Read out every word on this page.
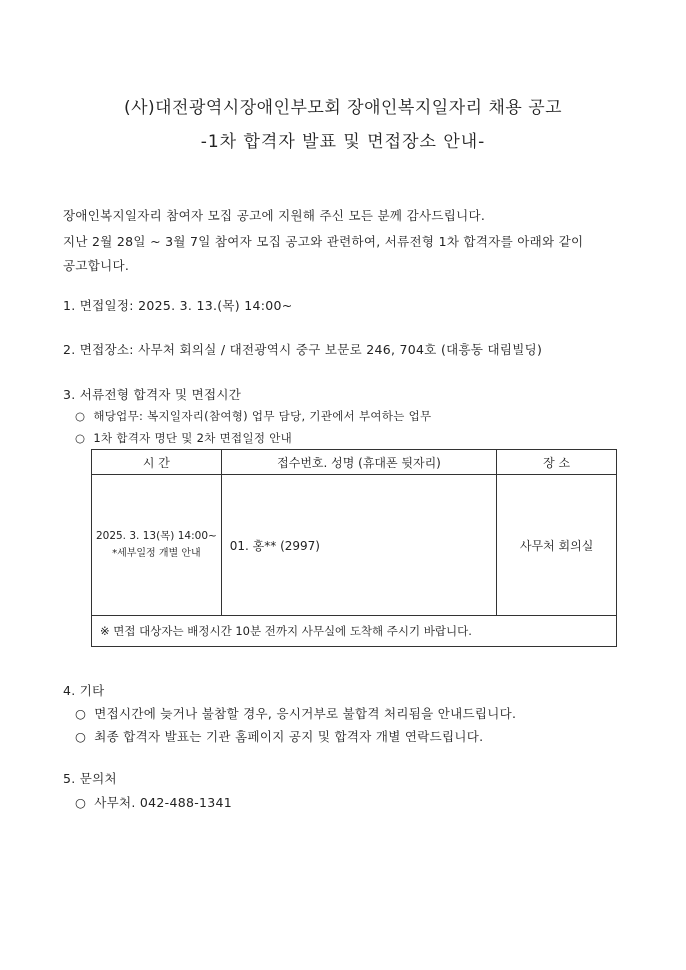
(사)대전광역시장애인부모회 장애인복지일자리 채용 공고
-1차 합격자 발표 및 면접장소 안내-
장애인복지일자리 참여자 모집 공고에 지원해 주신 모든 분께 감사드립니다.
지난 2월 28일 ~ 3월 7일 참여자 모집 공고와 관련하여, 서류전형 1차 합격자를 아래와 같이
공고합니다.
1. 면접일정: 2025. 3. 13.(목) 14:00~
2. 면접장소: 사무처 회의실 / 대전광역시 중구 보문로 246, 704호 (대흥동 대림빌딩)
3. 서류전형 합격자 및 면접시간
○ 해당업무: 복지일자리(참여형) 업무 담당, 기관에서 부여하는 업무
○ 1차 합격자 명단 및 2차 면접일정 안내
시 간	접수번호. 성명 (휴대폰 뒷자리)	장 소

2025. 3. 13(목) 14:00~
*세부일정 개별 안내	01. 홍** (2997)	사무처 회의실
※ 면접 대상자는 배정시간 10분 전까지 사무실에 도착해 주시기 바랍니다.		
4. 기타
○ 면접시간에 늦거나 불참할 경우, 응시거부로 불합격 처리됨을 안내드립니다.
○ 최종 합격자 발표는 기관 홈페이지 공지 및 합격자 개별 연락드립니다.
5. 문의처
○ 사무처. 042-488-1341
